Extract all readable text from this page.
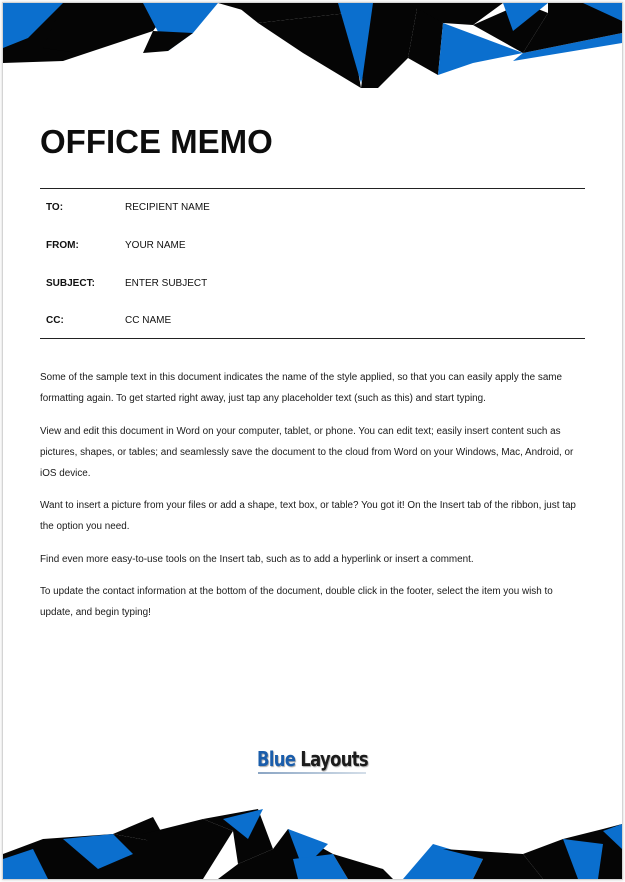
OFFICE MEMO
TO:	RECIPIENT NAME
FROM:	YOUR NAME
SUBJECT:	ENTER SUBJECT
CC:	CC NAME

Some of the sample text in this document indicates the name of the style applied, so that you can easily apply the same formatting again. To get started right away, just tap any placeholder text (such as this) and start typing.

View and edit this document in Word on your computer, tablet, or phone. You can edit text; easily insert content such as pictures, shapes, or tables; and seamlessly save the document to the cloud from Word on your Windows, Mac, Android, or iOS device.

Want to insert a picture from your files or add a shape, text box, or table? You got it! On the Insert tab of the ribbon, just tap the option you need.

Find even more easy-to-use tools on the Insert tab, such as to add a hyperlink or insert a comment.

To update the contact information at the bottom of the document, double click in the footer, select the item you wish to update, and begin typing!

Blue Layouts
